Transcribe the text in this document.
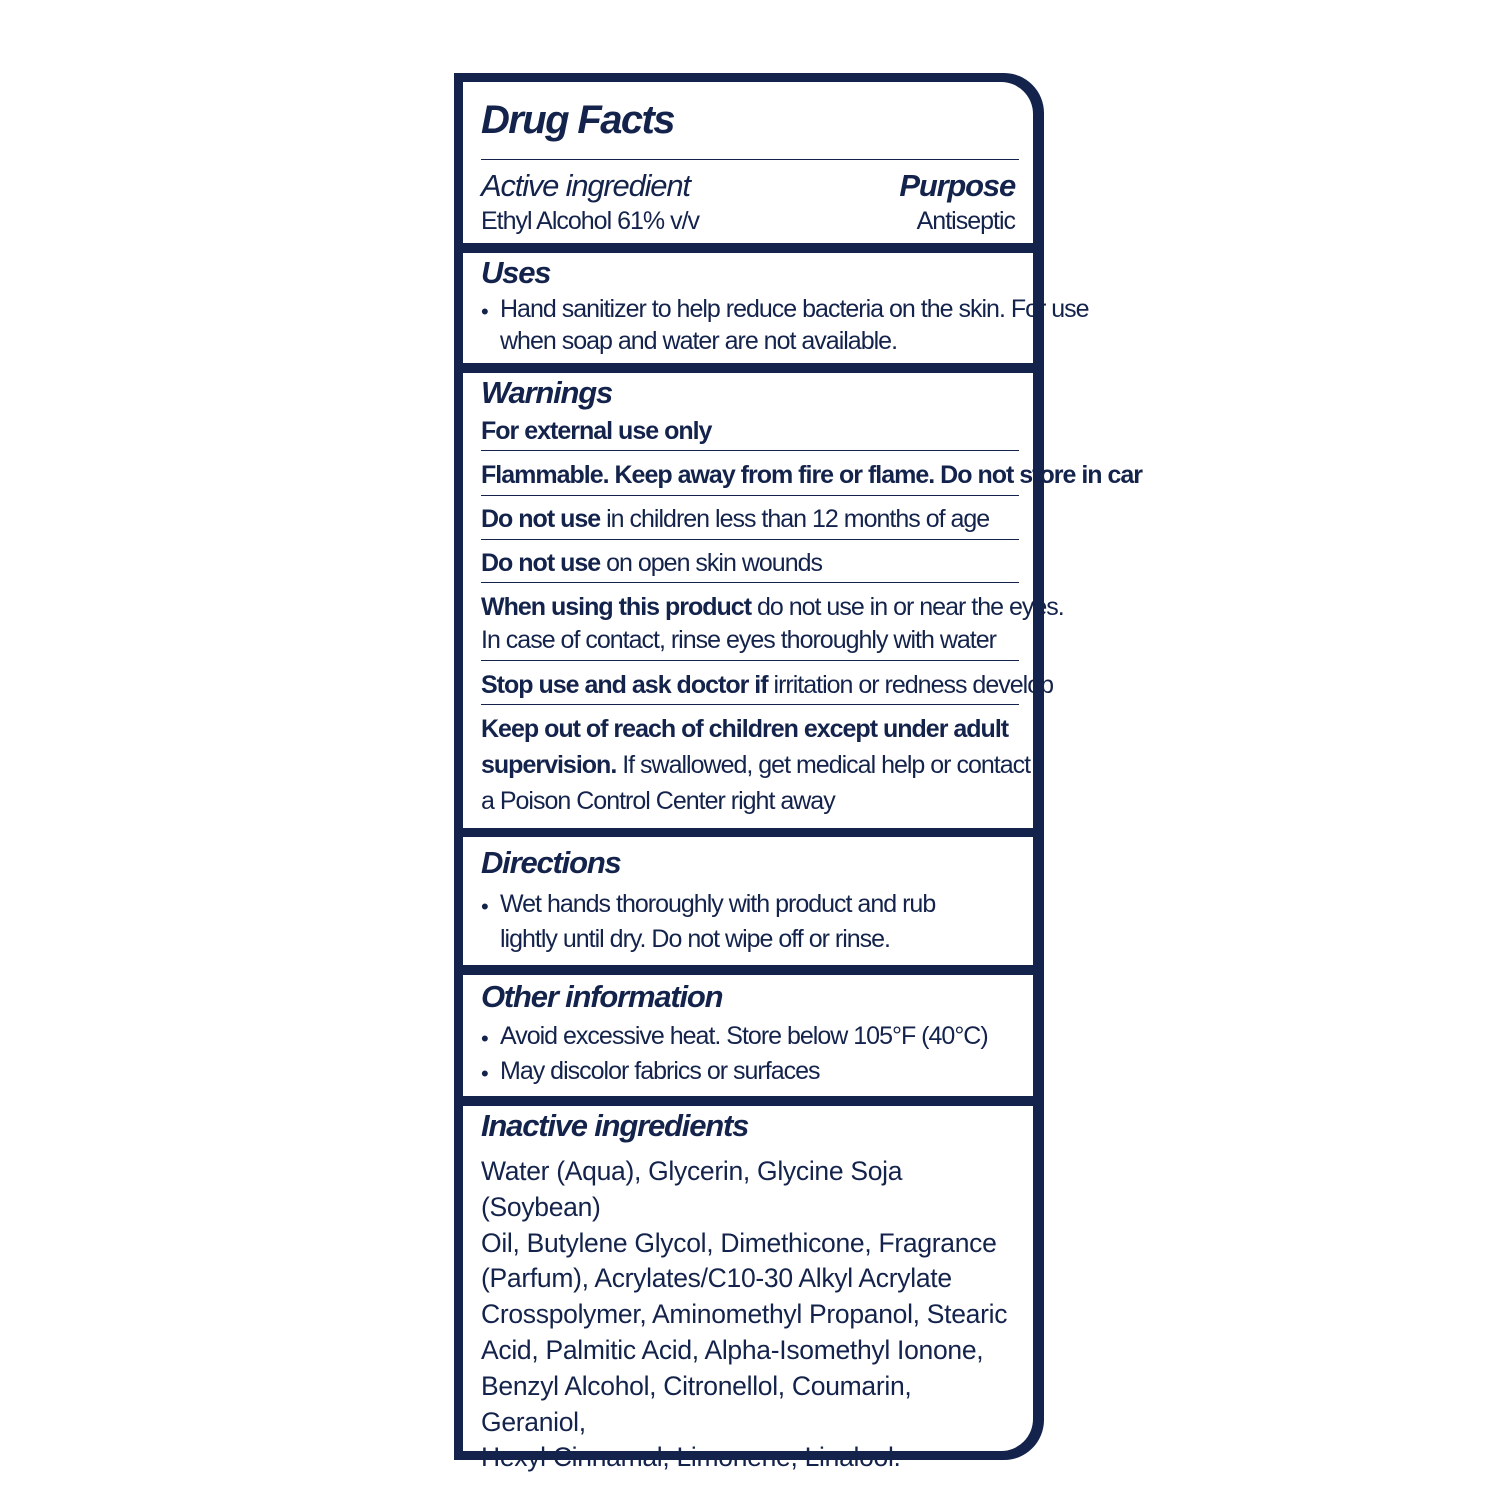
Drug Facts
Active ingredient	Purpose
Ethyl Alcohol 61% v/v	Antiseptic
Uses
• Hand sanitizer to help reduce bacteria on the skin. For use
when soap and water are not available.
Warnings
For external use only
Flammable. Keep away from fire or flame. Do not store in car
Do not use in children less than 12 months of age
Do not use on open skin wounds
When using this product do not use in or near the eyes.
In case of contact, rinse eyes thoroughly with water
Stop use and ask doctor if irritation or redness develop
Keep out of reach of children except under adult
supervision. If swallowed, get medical help or contact
a Poison Control Center right away
Directions
• Wet hands thoroughly with product and rub
lightly until dry. Do not wipe off or rinse.
Other information
• Avoid excessive heat. Store below 105°F (40°C)
• May discolor fabrics or surfaces
Inactive ingredients
Water (Aqua), Glycerin, Glycine Soja (Soybean)
Oil, Butylene Glycol, Dimethicone, Fragrance
(Parfum), Acrylates/C10-30 Alkyl Acrylate
Crosspolymer, Aminomethyl Propanol, Stearic
Acid, Palmitic Acid, Alpha-Isomethyl Ionone,
Benzyl Alcohol, Citronellol, Coumarin, Geraniol,
Hexyl Cinnamal, Limonene, Linalool.
